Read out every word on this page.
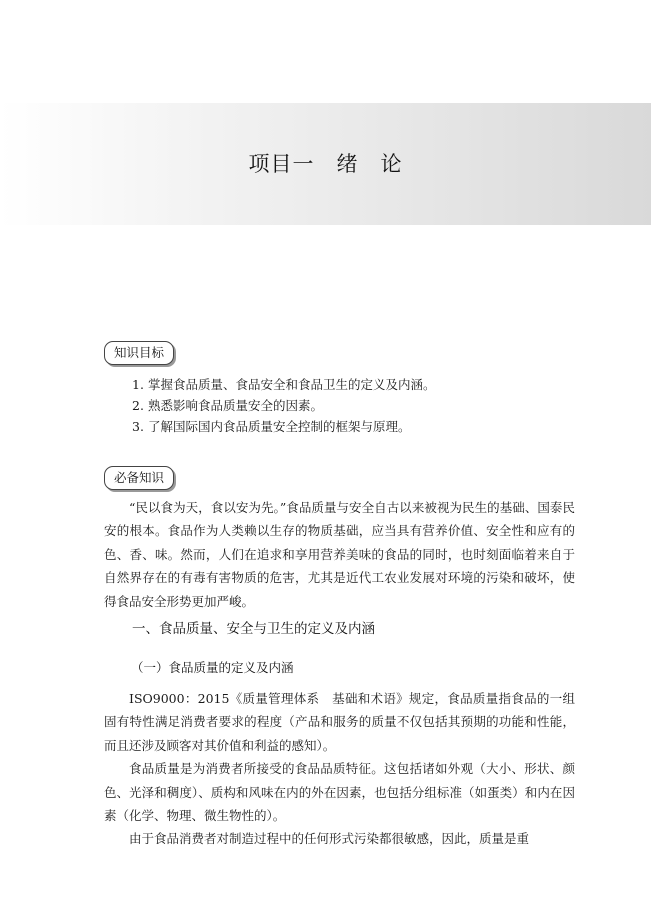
项目一　绪　论
知识目标
1. 掌握食品质量、食品安全和食品卫生的定义及内涵。
2. 熟悉影响食品质量安全的因素。
3. 了解国际国内食品质量安全控制的框架与原理。
必备知识

“民以食为天，食以安为先。”食品质量与安全自古以来被视为民生的基础、国泰民安的根本。食品作为人类赖以生存的物质基础，应当具有营养价值、安全性和应有的色、香、味。然而，人们在追求和享用营养美味的食品的同时，也时刻面临着来自于自然界存在的有毒有害物质的危害，尤其是近代工农业发展对环境的污染和破坏，使得食品安全形势更加严峻。

一、食品质量、安全与卫生的定义及内涵
（一）食品质量的定义及内涵

ISO9000：2015《质量管理体系　基础和术语》规定，食品质量指食品的一组固有特性满足消费者要求的程度（产品和服务的质量不仅包括其预期的功能和性能，而且还涉及顾客对其价值和利益的感知）。

食品质量是为消费者所接受的食品品质特征。这包括诸如外观（大小、形状、颜色、光泽和稠度）、质构和风味在内的外在因素，也包括分组标准（如蛋类）和内在因素（化学、物理、微生物性的）。

由于食品消费者对制造过程中的任何形式污染都很敏感，因此，质量是重
